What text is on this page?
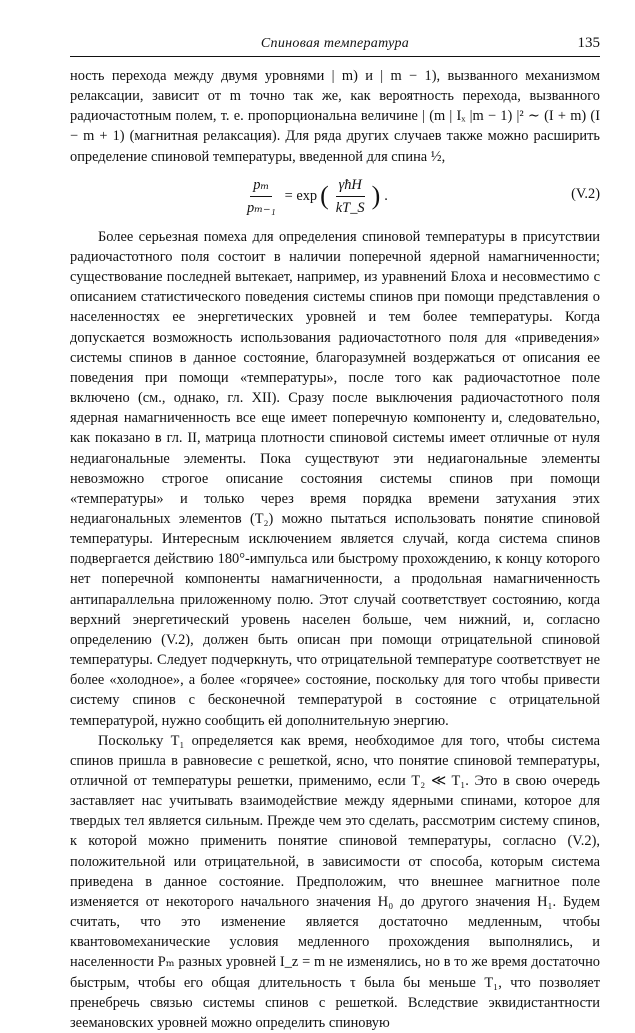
Спиновая температура	135

ность перехода между двумя уровнями | m) и | m − 1), вызванного механизмом релаксации, зависит от m точно так же, как вероятность перехода, вызванного радиочастотным полем, т. е. пропорциональна величине | (m | Iₓ |m − 1) |² ∼ (I + m) (I − m + 1) (магнитная релаксация). Для ряда других случаев также можно расширить определение спиновой температуры, введенной для спина ½,

$\frac{\text{pₘ}}{\text{pₘ₋₁}} = \exp$ ( $\frac{\text{γħH}}{kT\_S}$ ) .	(V.2)

Более серьезная помеха для определения спиновой температуры в присутствии радиочастотного поля состоит в наличии поперечной ядерной намагниченности; существование последней вытекает, например, из уравнений Блоха и несовместимо с описанием статистического поведения системы спинов при помощи представления о населенностях ее энергетических уровней и тем более температуры. Когда допускается возможность использования радиочастотного поля для «приведения» системы спинов в данное состояние, благоразумней воздержаться от описания ее поведения при помощи «температуры», после того как радиочастотное поле включено (см., однако, гл. XII). Сразу после выключения радиочастотного поля ядерная намагниченность все еще имеет поперечную компоненту и, следовательно, как показано в гл. II, матрица плотности спиновой системы имеет отличные от нуля недиагональные элементы. Пока существуют эти недиагональные элементы невозможно строгое описание состояния системы спинов при помощи «температуры» и только через время порядка времени затухания этих недиагональных элементов (T₂) можно пытаться использовать понятие спиновой температуры. Интересным исключением является случай, когда система спинов подвергается действию 180°-импульса или быстрому прохождению, к концу которого нет поперечной компоненты намагниченности, а продольная намагниченность антипараллельна приложенному полю. Этот случай соответствует состоянию, когда верхний энергетический уровень населен больше, чем нижний, и, согласно определению (V.2), должен быть описан при помощи отрицательной спиновой температуры. Следует подчеркнуть, что отрицательной температуре соответствует не более «холодное», а более «горячее» состояние, поскольку для того чтобы привести систему спинов с бесконечной температурой в состояние с отрицательной температурой, нужно сообщить ей дополнительную энергию.

Поскольку T₁ определяется как время, необходимое для того, чтобы система спинов пришла в равновесие с решеткой, ясно, что понятие спиновой температуры, отличной от температуры решетки, применимо, если T₂ ≪ T₁. Это в свою очередь заставляет нас учитывать взаимодействие между ядерными спинами, которое для твердых тел является сильным. Прежде чем это сделать, рассмотрим систему спинов, к которой можно применить понятие спиновой температуры, согласно (V.2), положительной или отрицательной, в зависимости от способа, которым система приведена в данное состояние. Предположим, что внешнее магнитное поле изменяется от некоторого начального значения H₀ до другого значения H₁. Будем считать, что это изменение является достаточно медленным, чтобы квантовомеханические условия медленного прохождения выполнялись, и населенности Pₘ разных уровней I_z = m не изменялись, но в то же время достаточно быстрым, чтобы его общая длительность τ была бы меньше T₁, что позволяет пренебречь связью системы спинов с решеткой. Вследствие эквидистантности зеемановских уровней можно определить спиновую
